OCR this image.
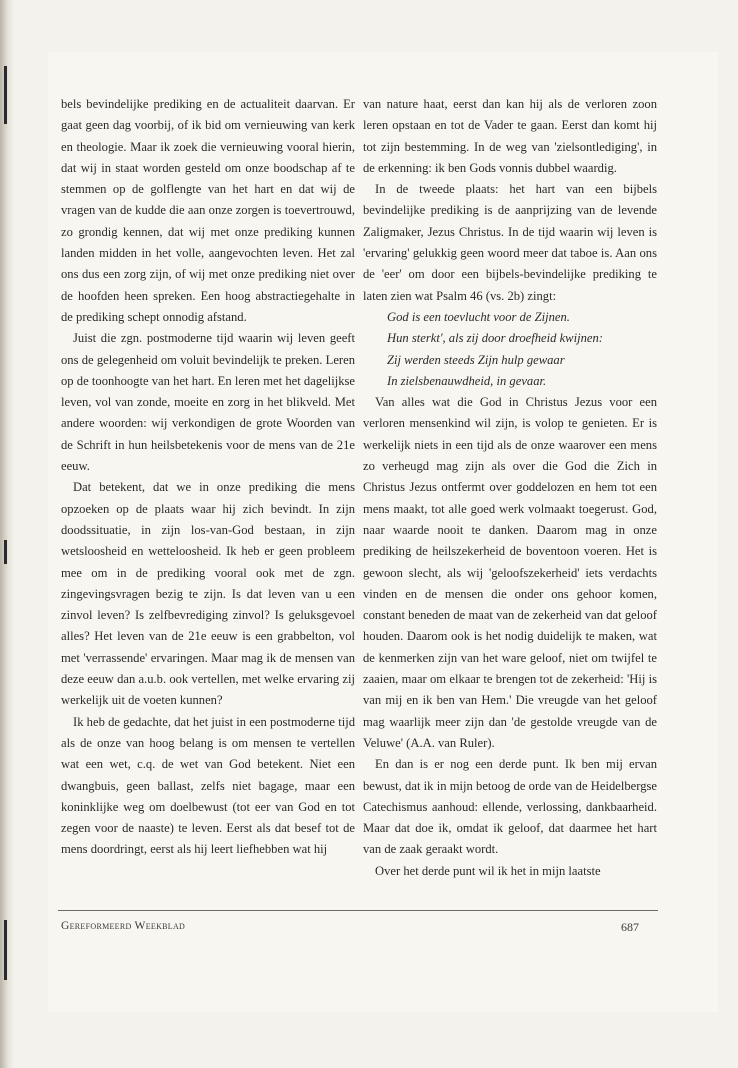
bels bevindelijke prediking en de actualiteit daarvan. Er gaat geen dag voorbij, of ik bid om vernieuwing van kerk en theologie. Maar ik zoek die vernieuwing vooral hierin, dat wij in staat worden gesteld om onze boodschap af te stemmen op de golflengte van het hart en dat wij de vragen van de kudde die aan onze zorgen is toevertrouwd, zo grondig kennen, dat wij met onze prediking kunnen landen midden in het volle, aangevochten leven. Het zal ons dus een zorg zijn, of wij met onze prediking niet over de hoofden heen spreken. Een hoog abstractiegehalte in de prediking schept onnodig afstand.

Juist die zgn. postmoderne tijd waarin wij leven geeft ons de gelegenheid om voluit bevindelijk te preken. Leren op de toonhoogte van het hart. En leren met het dagelijkse leven, vol van zonde, moeite en zorg in het blikveld. Met andere woorden: wij verkondigen de grote Woorden van de Schrift in hun heilsbetekenis voor de mens van de 21e eeuw.

Dat betekent, dat we in onze prediking die mens opzoeken op de plaats waar hij zich bevindt. In zijn doodssituatie, in zijn los-van-God bestaan, in zijn wetsloosheid en wetteloosheid. Ik heb er geen probleem mee om in de prediking vooral ook met de zgn. zingevingsvragen bezig te zijn. Is dat leven van u een zinvol leven? Is zelfbevrediging zinvol? Is geluksgevoel alles? Het leven van de 21e eeuw is een grabbelton, vol met 'verrassende' ervaringen. Maar mag ik de mensen van deze eeuw dan a.u.b. ook vertellen, met welke ervaring zij werkelijk uit de voeten kunnen?

Ik heb de gedachte, dat het juist in een postmoderne tijd als de onze van hoog belang is om mensen te vertellen wat een wet, c.q. de wet van God betekent. Niet een dwangbuis, geen ballast, zelfs niet bagage, maar een koninklijke weg om doelbewust (tot eer van God en tot zegen voor de naaste) te leven. Eerst als dat besef tot de mens doordringt, eerst als hij leert liefhebben wat hij

van nature haat, eerst dan kan hij als de verloren zoon leren opstaan en tot de Vader te gaan. Eerst dan komt hij tot zijn bestemming. In de weg van 'zielsontlediging', in de erkenning: ik ben Gods vonnis dubbel waardig.

In de tweede plaats: het hart van een bijbels bevindelijke prediking is de aanprijzing van de levende Zaligmaker, Jezus Christus. In de tijd waarin wij leven is 'ervaring' gelukkig geen woord meer dat taboe is. Aan ons de 'eer' om door een bijbels-bevindelijke prediking te laten zien wat Psalm 46 (vs. 2b) zingt:

God is een toevlucht voor de Zijnen.
Hun sterkt', als zij door droefheid kwijnen:
Zij werden steeds Zijn hulp gewaar
In zielsbenauwdheid, in gevaar.

Van alles wat die God in Christus Jezus voor een verloren mensenkind wil zijn, is volop te genieten. Er is werkelijk niets in een tijd als de onze waarover een mens zo verheugd mag zijn als over die God die Zich in Christus Jezus ontfermt over goddelozen en hem tot een mens maakt, tot alle goed werk volmaakt toegerust. God, naar waarde nooit te danken. Daarom mag in onze prediking de heilszekerheid de boventoon voeren. Het is gewoon slecht, als wij 'geloofszekerheid' iets verdachts vinden en de mensen die onder ons gehoor komen, constant beneden de maat van de zekerheid van dat geloof houden. Daarom ook is het nodig duidelijk te maken, wat de kenmerken zijn van het ware geloof, niet om twijfel te zaaien, maar om elkaar te brengen tot de zekerheid: 'Hij is van mij en ik ben van Hem.' Die vreugde van het geloof mag waarlijk meer zijn dan 'de gestolde vreugde van de Veluwe' (A.A. van Ruler).

En dan is er nog een derde punt. Ik ben mij ervan bewust, dat ik in mijn betoog de orde van de Heidelbergse Catechismus aanhoud: ellende, verlossing, dankbaarheid. Maar dat doe ik, omdat ik geloof, dat daarmee het hart van de zaak geraakt wordt.

Over het derde punt wil ik het in mijn laatste

Gereformeerd Weekblad	687
